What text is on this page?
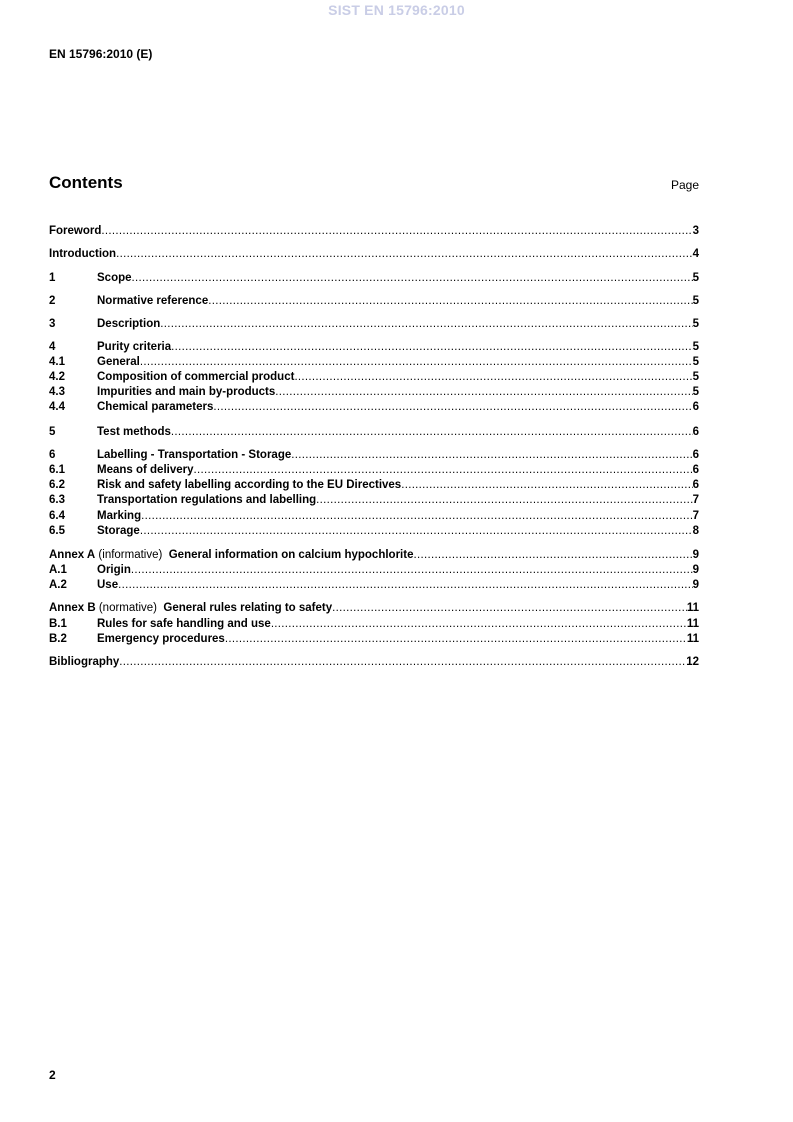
SIST EN 15796:2010
EN 15796:2010 (E)
Contents	Page
Foreword .....	3
Introduction .....	4
1	Scope .....	5
2	Normative reference .....	5
3	Description .....	5
4	Purity criteria .....	5
4.1	General .....	5
4.2	Composition of commercial product .....	5
4.3	Impurities and main by-products .....	5
4.4	Chemical parameters .....	6
5	Test methods .....	6
6	Labelling - Transportation - Storage .....	6
6.1	Means of delivery .....	6
6.2	Risk and safety labelling according to the EU Directives .....	6
6.3	Transportation regulations and labelling .....	7
6.4	Marking .....	7
6.5	Storage .....	8
Annex A (informative)  General information on calcium hypochlorite .....	9
A.1	Origin .....	9
A.2	Use .....	9
Annex B (normative)  General rules relating to safety .....	11
B.1	Rules for safe handling and use .....	11
B.2	Emergency procedures .....	11
Bibliography .....	12
2
